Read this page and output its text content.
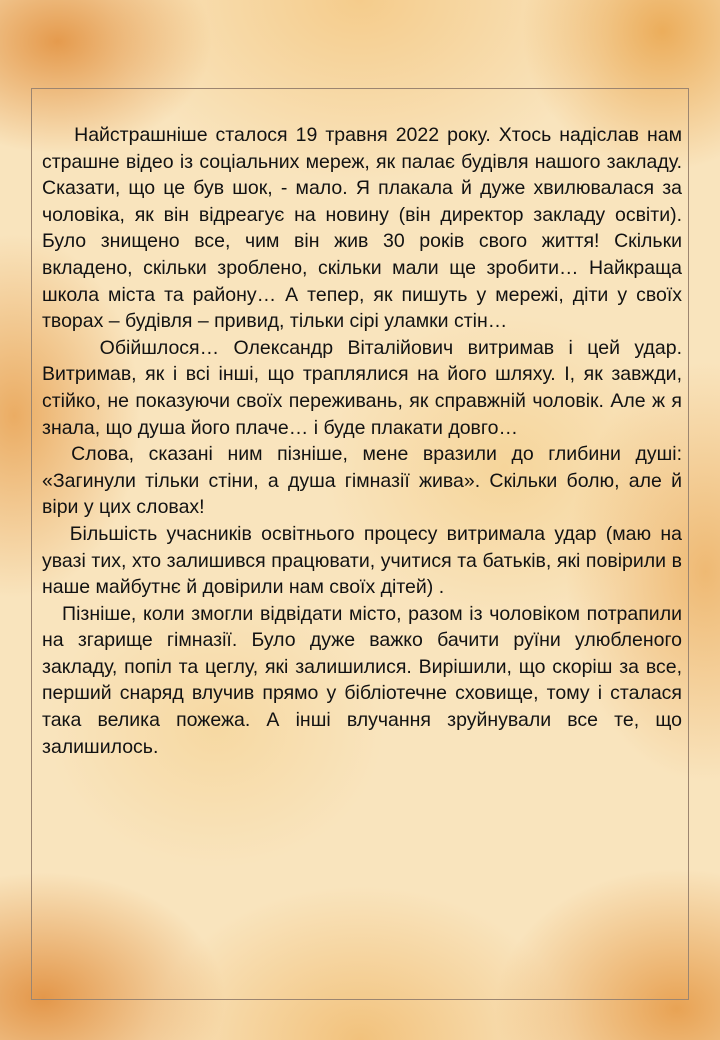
Найстрашніше сталося 19 травня 2022 року. Хтось надіслав нам страшне відео із соціальних мереж, як палає будівля нашого закладу. Сказати, що це був шок, - мало. Я плакала й дуже хвилювалася за чоловіка, як він відреагує на новину (він директор закладу освіти). Було знищено все, чим він жив 30 років свого життя! Скільки вкладено, скільки зроблено, скільки мали ще зробити… Найкраща школа міста та району… А тепер, як пишуть у мережі, діти у своїх творах – будівля – привид, тільки сірі уламки стін…

Обійшлося… Олександр Віталійович витримав і цей удар. Витримав, як і всі інші, що траплялися на його шляху. І, як завжди, стійко, не показуючи своїх переживань, як справжній чоловік. Але ж я знала, що душа його плаче… і буде плакати довго…

Слова, сказані ним пізніше, мене вразили до глибини душі: «Загинули тільки стіни, а душа гімназії жива». Скільки болю, але й віри у цих словах!

Більшість учасників освітнього процесу витримала удар (маю на увазі тих, хто залишився працювати, учитися та батьків, які повірили в наше майбутнє й довірили нам своїх дітей) .

Пізніше, коли змогли відвідати місто, разом із чоловіком потрапили на згарище гімназії. Було дуже важко бачити руїни улюбленого закладу, попіл та цеглу, які залишилися. Вирішили, що скоріш за все, перший снаряд влучив прямо у бібліотечне сховище, тому і сталася така велика пожежа. А інші влучання зруйнували все те, що залишилось.
